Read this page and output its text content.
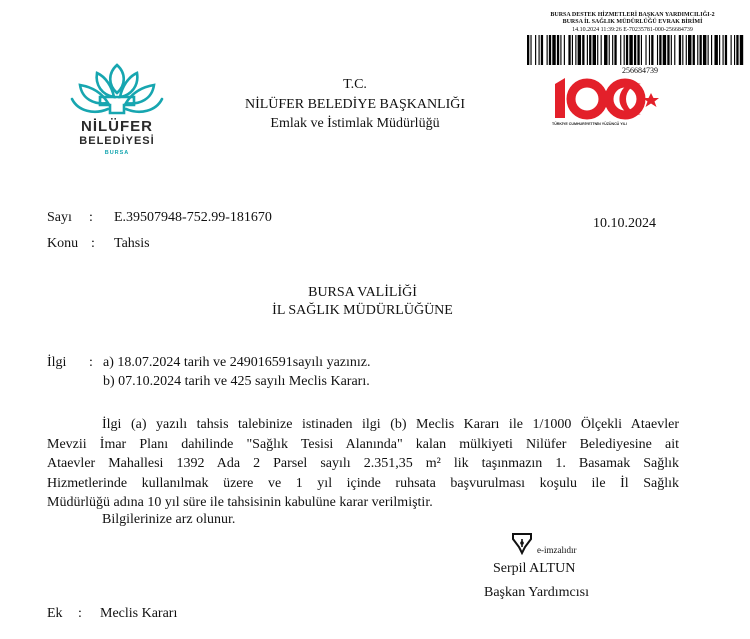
NİLÜFER
BELEDİYESİ
BURSA
T.C.
NİLÜFER BELEDİYE BAŞKANLIĞI
Emlak ve İstimlak Müdürlüğü
BURSA DESTEK HİZMETLERİ BAŞKAN YARDIMCILIĞI-2
BURSA İL SAĞLIK MÜDÜRLÜĞÜ EVRAK BİRİMİ
14.10.2024 11:39:26 E-70235781-000-256684739
256684739
TÜRKİYE CUMHURİYETİ'NİN YÜZÜNCÜ YILI
Sayı : E.39507948-752.99-181670	10.10.2024
Konu : Tahsis
BURSA VALİLİĞİ
İL SAĞLIK MÜDÜRLÜĞÜNE
İlgi : a) 18.07.2024 tarih ve 249016591sayılı yazınız.
b) 07.10.2024 tarih ve 425 sayılı Meclis Kararı.
İlgi (a) yazılı tahsis talebinize istinaden ilgi (b) Meclis Kararı ile 1/1000 Ölçekli Ataevler
Mevzii İmar Planı dahilinde "Sağlık Tesisi Alanında" kalan mülkiyeti Nilüfer Belediyesine ait
Ataevler Mahallesi 1392 Ada 2 Parsel sayılı 2.351,35 m² lik taşınmazın 1. Basamak Sağlık
Hizmetlerinde kullanılmak üzere ve 1 yıl içinde ruhsata başvurulması koşulu ile İl Sağlık
Müdürlüğü adına 10 yıl süre ile tahsisinin kabulüne karar verilmiştir.
Bilgilerinize arz olunur.
e-imzalıdır
Serpil ALTUN
Başkan Yardımcısı
Ek : Meclis Kararı
